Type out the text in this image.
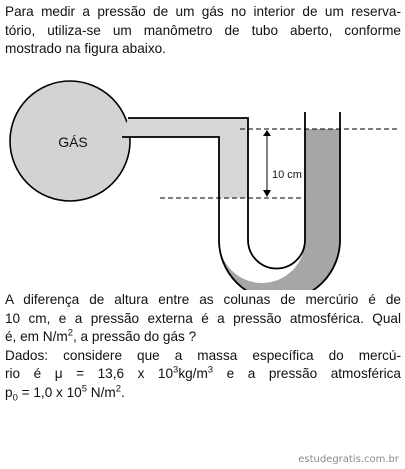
Para medir a pressão de um gás no interior de um reserva-
tório, utiliza-se um manômetro de tubo aberto, conforme
mostrado na figura abaixo.

GÁS
10 cm

A diferença de altura entre as colunas de mercúrio é de
10 cm, e a pressão externa é a pressão atmosférica. Qual
é, em $N/m^2$, a pressão do gás ?
Dados: considere que a massa específica do mercú-
rio é μ = 13,6 x $10^3kg/m^3$ e a pressão atmosférica
$p_0 = 1,0$ x $10^5$ $N/m^2$.

estudegratis.com.br
